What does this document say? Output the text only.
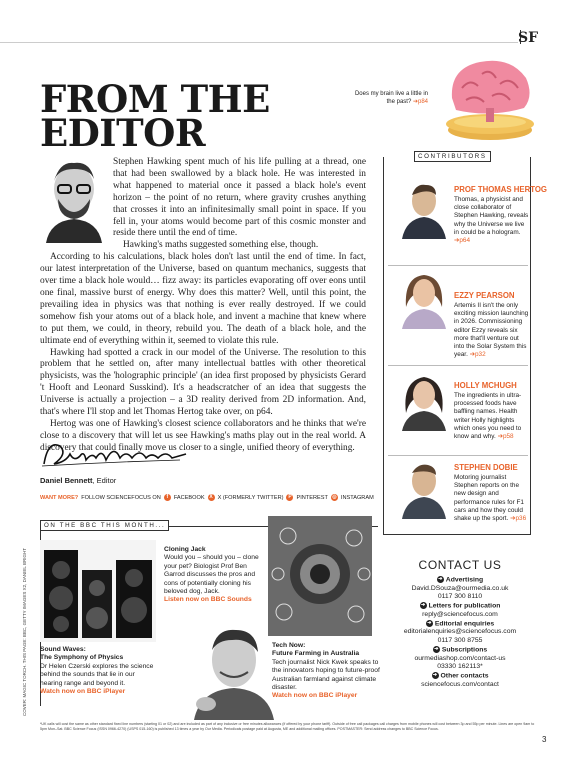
SF
FROM THE
EDITOR
Does my brain live a little in the past? ➔p84

Stephen Hawking spent much of his life pulling at a thread, one that had been swallowed by a black hole. He was interested in what happened to material once it passed a black hole's event horizon – the point of no return, where gravity crushes anything that crosses it into an infinitesimally small point in space. If you fell in, your atoms would become part of this cosmic monster and reside there until the end of time.

Hawking's maths suggested something else, though.

According to his calculations, black holes don't last until the end of time. In fact, our latest interpretation of the Universe, based on quantum mechanics, suggests that over time a black hole would… fizz away: its particles evaporating off over eons until one final, massive burst of energy. Why does this matter? Well, until this point, the prevailing idea in physics was that nothing is ever really destroyed. If we could somehow fish your atoms out of a black hole, and invent a machine that knew where to put them, we could, in theory, rebuild you. The death of a black hole, and the ultimate end of everything within it, seemed to violate this rule.

Hawking had spotted a crack in our model of the Universe. The resolution to this problem that he settled on, after many intellectual battles with other theoretical physicists, was the 'holographic principle' (an idea first proposed by physicists Gerard 't Hooft and Leonard Susskind). It's a headscratcher of an idea that suggests the Universe is actually a projection – a 3D reality derived from 2D information. And, that's where I'll stop and let Thomas Hertog take over, on p64.

Hertog was one of Hawking's closest science collaborators and he thinks that we're close to a discovery that will let us see Hawking's maths play out in the real world. A discovery that could finally move us closer to a single, unified theory of everything.

Daniel Bennett, Editor
WANT MORE? FOLLOW SCIENCEFOCUS ON	f	FACEBOOK X X (FORMERLY TWITTER) P PINTEREST ◎ INSTAGRAM
CONTRIBUTORS
PROF THOMAS HERTOG
Thomas, a physicist and close collaborator of Stephen Hawking, reveals why the Universe we live in could be a hologram. ➔p64
EZZY PEARSON
Artemis II isn't the only exciting mission launching in 2026. Commissioning editor Ezzy reveals six more that'll venture out into the Solar System this year. ➔p32
HOLLY MCHUGH
The ingredients in ultra-processed foods have baffling names. Health writer Holly highlights which ones you need to know and why. ➔p58
STEPHEN DOBIE
Motoring journalist Stephen reports on the new design and performance rules for F1 cars and how they could shake up the sport. ➔p36
ON THE BBC THIS MONTH...
Sound Waves:
The Symphony of Physics
Dr Helen Czerski explores the science behind the sounds that lie in our hearing range and beyond it.
Watch now on BBC iPlayer
Cloning Jack
Would you – should you – clone your pet? Biologist Prof Ben Garrod discusses the pros and cons of potentially cloning his beloved dog, Jack.
Listen now on BBC Sounds
Tech Now:
Future Farming in Australia
Tech journalist Nick Kwek speaks to the innovators hoping to future-proof Australian farmland against climate disaster.
Watch now on BBC iPlayer
CONTACT US
➔ Advertising
David.DSouza@ourmedia.co.uk
0117 300 8110
➔ Letters for publication
reply@sciencefocus.com
➔ Editorial enquiries
editorialenquiries@sciencefocus.com
0117 300 8755
➔ Subscriptions
ourmediashop.com/contact-us
03330 162113*
➔ Other contacts
sciencefocus.com/contact
COVER: MAGIC TORCH. THIS PAGE: BBC, GETTY IMAGES X2, DANIEL BRIGHT
*UK calls will cost the same as other standard fixed line numbers (starting 01 or 02) and are included as part of any inclusive or free minutes allowances (if offered by your phone tariff). Outside of free call packages call charges from mobile phones will cost between 3p and 55p per minute. Lines are open 9am to 5pm Mon–Sat. BBC Science Focus (ISSN 0966-4270) (USPS 015-160) is published 13 times a year by Our Media. Periodicals postage paid at Augusta, ME and additional mailing offices. POSTMASTER: Send address changes to BBC Science Focus.
3
